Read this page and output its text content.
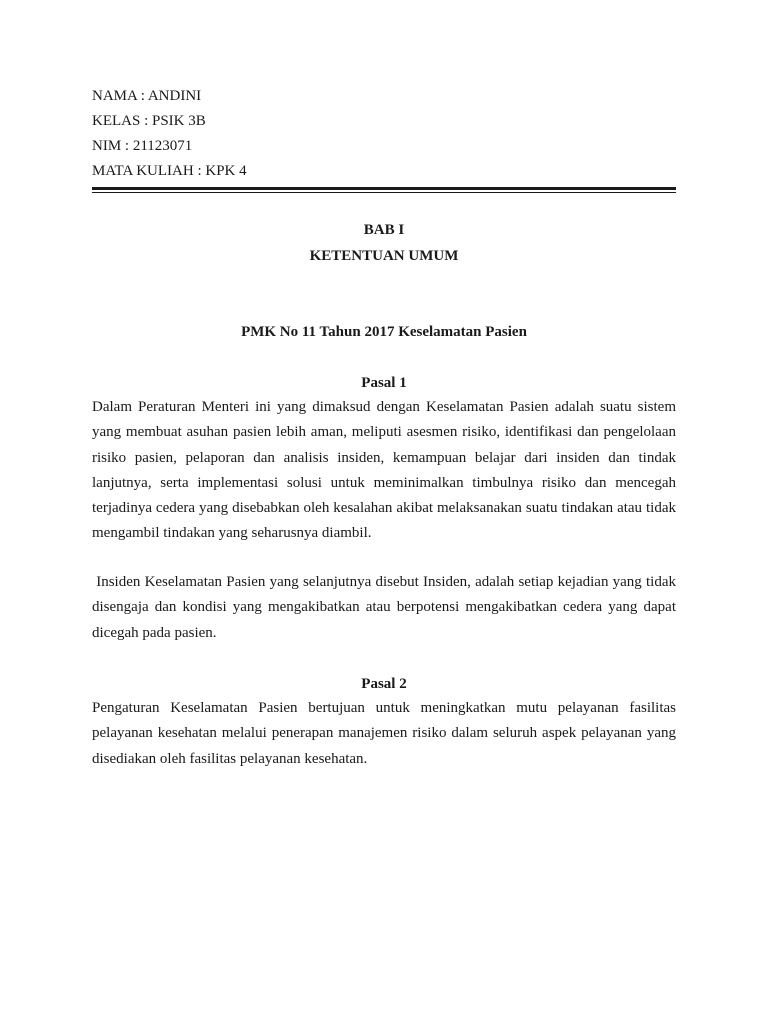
NAMA : ANDINI
KELAS : PSIK 3B
NIM : 21123071
MATA KULIAH : KPK 4
BAB I
KETENTUAN UMUM
PMK No 11 Tahun 2017 Keselamatan Pasien
Pasal 1

Dalam Peraturan Menteri ini yang dimaksud dengan Keselamatan Pasien adalah suatu sistem yang membuat asuhan pasien lebih aman, meliputi asesmen risiko, identifikasi dan pengelolaan risiko pasien, pelaporan dan analisis insiden, kemampuan belajar dari insiden dan tindak lanjutnya, serta implementasi solusi untuk meminimalkan timbulnya risiko dan mencegah terjadinya cedera yang disebabkan oleh kesalahan akibat melaksanakan suatu tindakan atau tidak mengambil tindakan yang seharusnya diambil.

Insiden Keselamatan Pasien yang selanjutnya disebut Insiden, adalah setiap kejadian yang tidak disengaja dan kondisi yang mengakibatkan atau berpotensi mengakibatkan cedera yang dapat dicegah pada pasien.

Pasal 2

Pengaturan Keselamatan Pasien bertujuan untuk meningkatkan mutu pelayanan fasilitas pelayanan kesehatan melalui penerapan manajemen risiko dalam seluruh aspek pelayanan yang disediakan oleh fasilitas pelayanan kesehatan.
